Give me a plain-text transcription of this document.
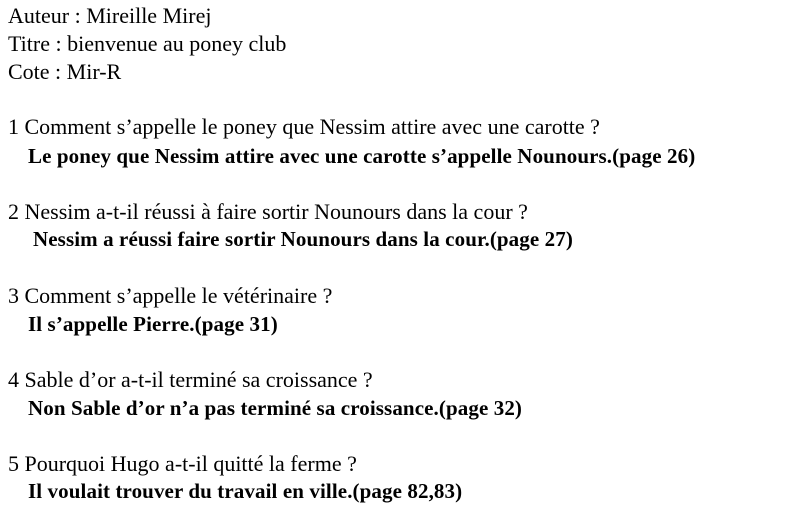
Auteur : Mireille Mirej
Titre : bienvenue au poney club
Cote : Mir-R
1 Comment s’appelle le poney que Nessim attire avec une carotte ?
Le poney que Nessim attire avec une carotte s’appelle Nounours.(page 26)
2 Nessim a-t-il réussi à faire sortir Nounours dans la cour ?
Nessim a réussi faire sortir Nounours dans la cour.(page 27)
3 Comment s’appelle le vétérinaire ?
Il s’appelle Pierre.(page 31)
4 Sable d’or a-t-il terminé sa croissance ?
Non Sable d’or n’a pas terminé sa croissance.(page 32)
5 Pourquoi Hugo a-t-il quitté la ferme ?
Il voulait trouver du travail en ville.(page 82,83)
